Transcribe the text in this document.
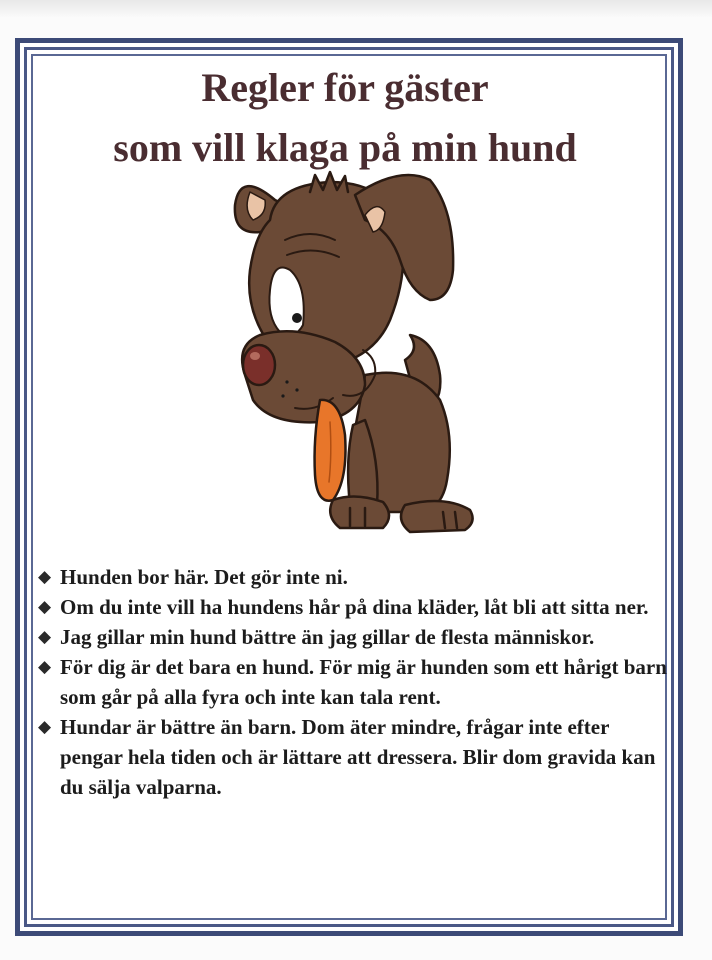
Regler för gäster
som vill klaga på min hund
◆ Hunden bor här. Det gör inte ni.
◆ Om du inte vill ha hundens hår på dina kläder, låt bli att sitta ner.
◆ Jag gillar min hund bättre än jag gillar de flesta människor.
◆ För dig är det bara en hund. För mig är hunden som ett hårigt barn som går på alla fyra och inte kan tala rent.
◆ Hundar är bättre än barn. Dom äter mindre, frågar inte efter pengar hela tiden och är lättare att dressera. Blir dom gravida kan du sälja valparna.
